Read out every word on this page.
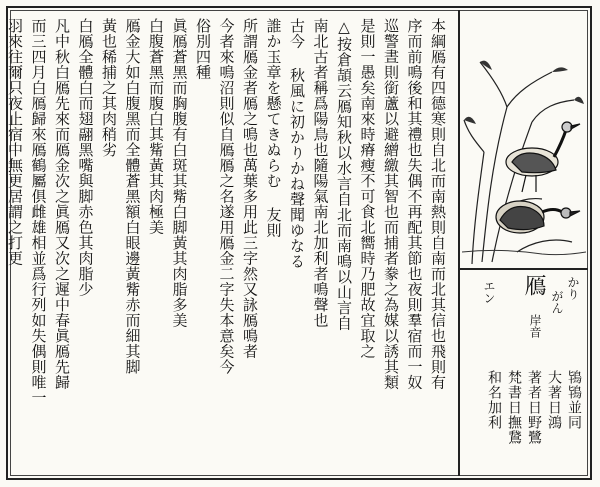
かり
がん
鴈
岸音
エン
鴇鴇並同
大著日鴻
著者日野鷺
梵書日撫鵞
和名加利
本綱鴈有四德寒則自北而南熱則自南而北其信也飛則有
序而前鳴後和其禮也失偶不再配其節也夜則羣宿而一奴
巡警晝則銜蘆以避繒繳其智也而捕者豢之為媒以誘其類
是則一愚矣南來時瘠瘦不可食北嚮時乃肥故宜取之
△按倉頡云鴈知秋以水言自北而南鳴以山言自
南北古者稱爲陽鳥也隨陽氣南北加利者鳴聲也
古今 秋風に初かりかね聲聞ゆなる
誰か玉章を懸てきぬらむ 友則
所謂鴈金者鴈之鳴也萬葉多用此三字然又詠鴈鳴者
今者來鳴沼則似自鴈鴈之名遂用鴈金二字失本意矣今
俗別四種
眞鴈蒼黑而胸腹有白斑其觜白脚黃其肉脂多美
白腹蒼黑而腹白其觜黃其肉極美
鴈金大如白腹黑而全體蒼黑額白眼邊黃觜赤而細其脚
黃也稀捕之其肉稍劣
白鴈全體白而翅翮黑嘴與脚赤色其肉脂少
凡中秋白鴈先來而鴈金次之眞鴈又次之遲中春眞鴈先歸
而三四月白鴈歸來鴈鶴屬俱雌雄相並爲行列如失偶則唯一
羽來往爾只夜止宿中無更居謂之打更
